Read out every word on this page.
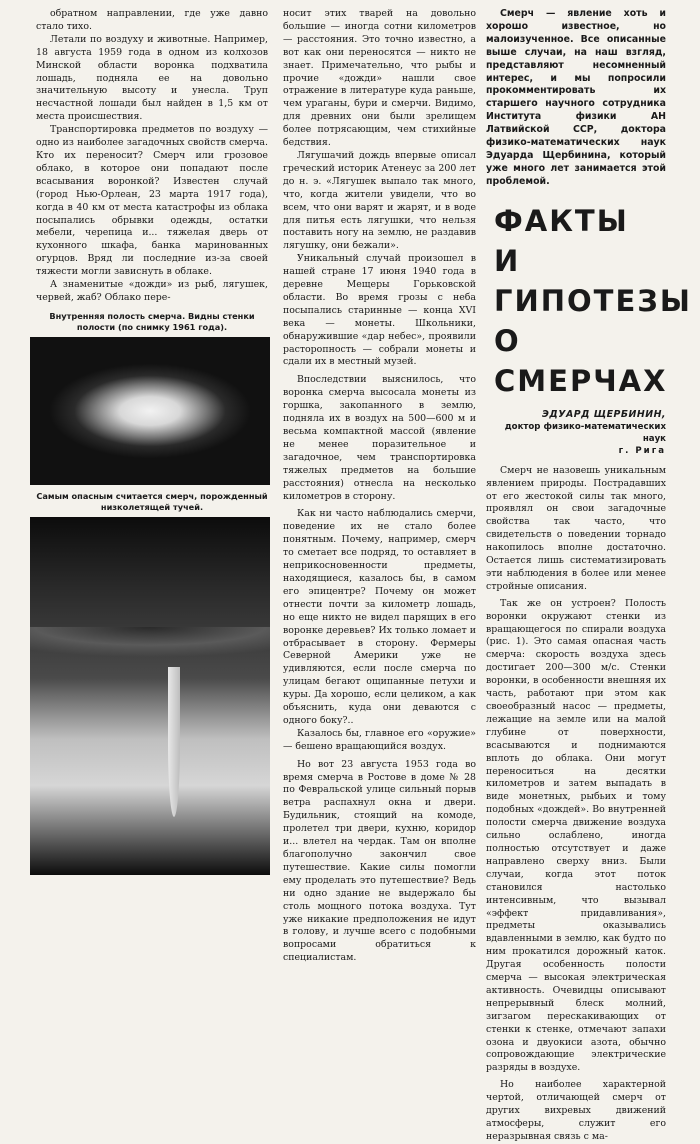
обратном направлении, где уже давно стало тихо.

Летали по воздуху и животные. Например, 18 августа 1959 года в одном из колхозов Минской области воронка подхватила лошадь, подняла ее на довольно значительную высоту и унесла. Труп несчастной лошади был найден в 1,5 км от места происшествия.

Транспортировка предметов по воздуху — одно из наиболее загадочных свойств смерча. Кто их переносит? Смерч или грозовое облако, в которое они попадают после всасывания воронкой? Известен случай (город Нью-Орлеан, 23 марта 1917 года), когда в 40 км от места катастрофы из облака посыпались обрывки одежды, остатки мебели, черепица и... тяжелая дверь от кухонного шкафа, банка маринованных огурцов. Вряд ли последние из-за своей тяжести могли зависнуть в облаке.

А знаменитые «дожди» из рыб, лягушек, червей, жаб? Облако пере-

Внутренняя полость смерча. Видны стенки полости (по снимку 1961 года).
Самым опасным считается смерч, порожденный низколетящей тучей.

носит этих тварей на довольно большие — иногда сотни километров — расстояния. Это точно известно, а вот как они переносятся — никто не знает. Примечательно, что рыбы и прочие «дожди» нашли свое отражение в литературе куда раньше, чем ураганы, бури и смерчи. Видимо, для древних они были зрелищем более потрясающим, чем стихийные бедствия.

Лягушачий дождь впервые описал греческий историк Атенеус за 200 лет до н. э. «Лягушек выпало так много, что, когда жители увидели, что во всем, что они варят и жарят, и в воде для питья есть лягушки, что нельзя поставить ногу на землю, не раздавив лягушку, они бежали».

Уникальный случай произошел в нашей стране 17 июня 1940 года в деревне Мещеры Горьковской области. Во время грозы с неба посыпались старинные — конца XVI века — монеты. Школьники, обнаружившие «дар небес», проявили расторопность — собрали монеты и сдали их в местный музей.

Впоследствии выяснилось, что воронка смерча высосала монеты из горшка, закопанного в землю, подняла их в воздух на 500—600 м и весьма компактной массой (явление не менее поразительное и загадочное, чем транспортировка тяжелых предметов на большие расстояния) отнесла на несколько километров в сторону.

Как ни часто наблюдались смерчи, поведение их не стало более понятным. Почему, например, смерч то сметает все подряд, то оставляет в неприкосновенности предметы, находящиеся, казалось бы, в самом его эпицентре? Почему он может отнести почти за километр лошадь, но еще никто не видел парящих в его воронке деревьев? Их только ломает и отбрасывает в сторону. Фермеры Северной Америки уже не удивляются, если после смерча по улицам бегают ощипанные петухи и куры. Да хорошо, если целиком, а как объяснить, куда они деваются с одного боку?..

Казалось бы, главное его «оружие» — бешено вращающийся воздух.

Но вот 23 августа 1953 года во время смерча в Ростове в доме № 28 по Февральской улице сильный порыв ветра распахнул окна и двери. Будильник, стоящий на комоде, пролетел три двери, кухню, коридор и... влетел на чердак. Там он вполне благополучно закончил свое путешествие. Какие силы помогли ему проделать это путешествие? Ведь ни одно здание не выдержало бы столь мощного потока воздуха. Тут уже никакие предположения не идут в голову, и лучше всего с подобными вопросами обратиться к специалистам.

Смерч — явление хоть и хорошо известное, но малоизученное. Все описанные выше случаи, на наш взгляд, представляют несомненный интерес, и мы попросили прокомментировать их старшего научного сотрудника Института физики АН Латвийской ССР, доктора физико-математических наук Эдуарда Щербинина, который уже много лет занимается этой проблемой.

ФАКТЫ
И ГИПОТЕЗЫ
О СМЕРЧАХ
ЭДУАРД ЩЕРБИНИН,
доктор физико-математических наук
г. Рига

Смерч не назовешь уникальным явлением природы. Пострадавших от его жестокой силы так много, проявлял он свои загадочные свойства так часто, что свидетельств о поведении торнадо накопилось вполне достаточно. Остается лишь систематизировать эти наблюдения в более или менее стройные описания.

Так же он устроен? Полость воронки окружают стенки из вращающегося по спирали воздуха (рис. 1). Это самая опасная часть смерча: скорость воздуха здесь достигает 200—300 м/с. Стенки воронки, в особенности внешняя их часть, работают при этом как своеобразный насос — предметы, лежащие на земле или на малой глубине от поверхности, всасываются и поднимаются вплоть до облака. Они могут переноситься на десятки километров и затем выпадать в виде монетных, рыбьих и тому подобных «дождей». Во внутренней полости смерча движение воздуха сильно ослаблено, иногда полностью отсутствует и даже направлено сверху вниз. Были случаи, когда этот поток становился настолько интенсивным, что вызывал «эффект придавливания», предметы оказывались вдавленными в землю, как будто по ним прокатился дорожный каток. Другая особенность полости смерча — высокая электрическая активность. Очевидцы описывают непрерывный блеск молний, зигзагом перескакивающих от стенки к стенке, отмечают запахи озона и двуокиси азота, обычно сопровождающие электрические разряды в воздухе.

Но наиболее характерной чертой, отличающей смерч от других вихревых движений атмосферы, служит его неразрывная связь с ма-
